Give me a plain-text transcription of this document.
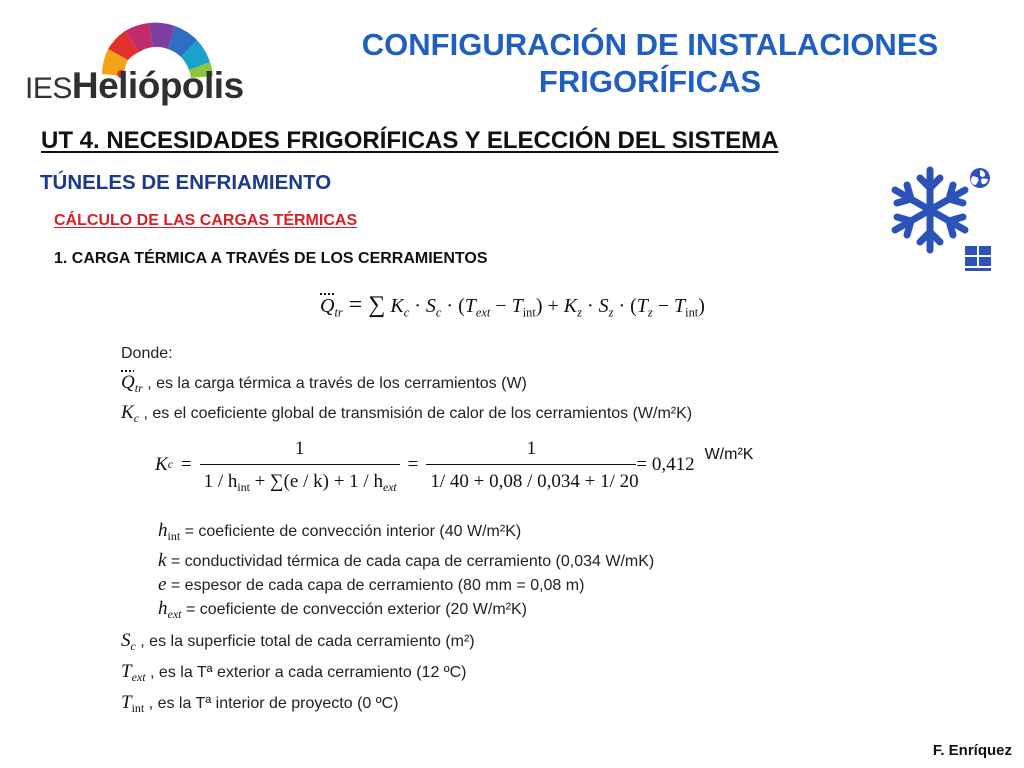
IESHeliópolis
CONFIGURACIÓN DE INSTALACIONES FRIGORÍFICAS
UT 4. NECESIDADES FRIGORÍFICAS Y ELECCIÓN DEL SISTEMA
TÚNELES DE ENFRIAMIENTO
CÁLCULO DE LAS CARGAS TÉRMICAS
1. CARGA TÉRMICA A TRAVÉS DE LOS CERRAMIENTOS
$Q_{tr}$ = ∑ $K_c \cdot S_c \cdot (T_{ext} - T_{int}) + K_z \cdot S_z \cdot (T_z - T_{int})$
Donde:
$Q_{tr}$ , es la carga térmica a través de los cerramientos (W)
$K_c$ , es el coeficiente global de transmisión de calor de los cerramientos (W/m²K)
K $c = \frac{1}{1 / h_{int} + \sum(e / k) + 1 / h_{ext}} = \frac{1}{1/ 40 + 0,08 / 0,034 + 1/ 20} = 0,412$ W/m²K
$h_{int}$ = coeficiente de convección interior (40 W/m²K)
k = conductividad térmica de cada capa de cerramiento (0,034 W/mK)
e = espesor de cada capa de cerramiento (80 mm = 0,08 m)
$h_{ext}$ = coeficiente de convección exterior (20 W/m²K)
$S_c$ , es la superficie total de cada cerramiento (m²)
$T_{ext}$ , es la Tª exterior a cada cerramiento (12 ºC)
$T_{int}$ , es la Tª interior de proyecto (0 ºC)
F. Enríquez
